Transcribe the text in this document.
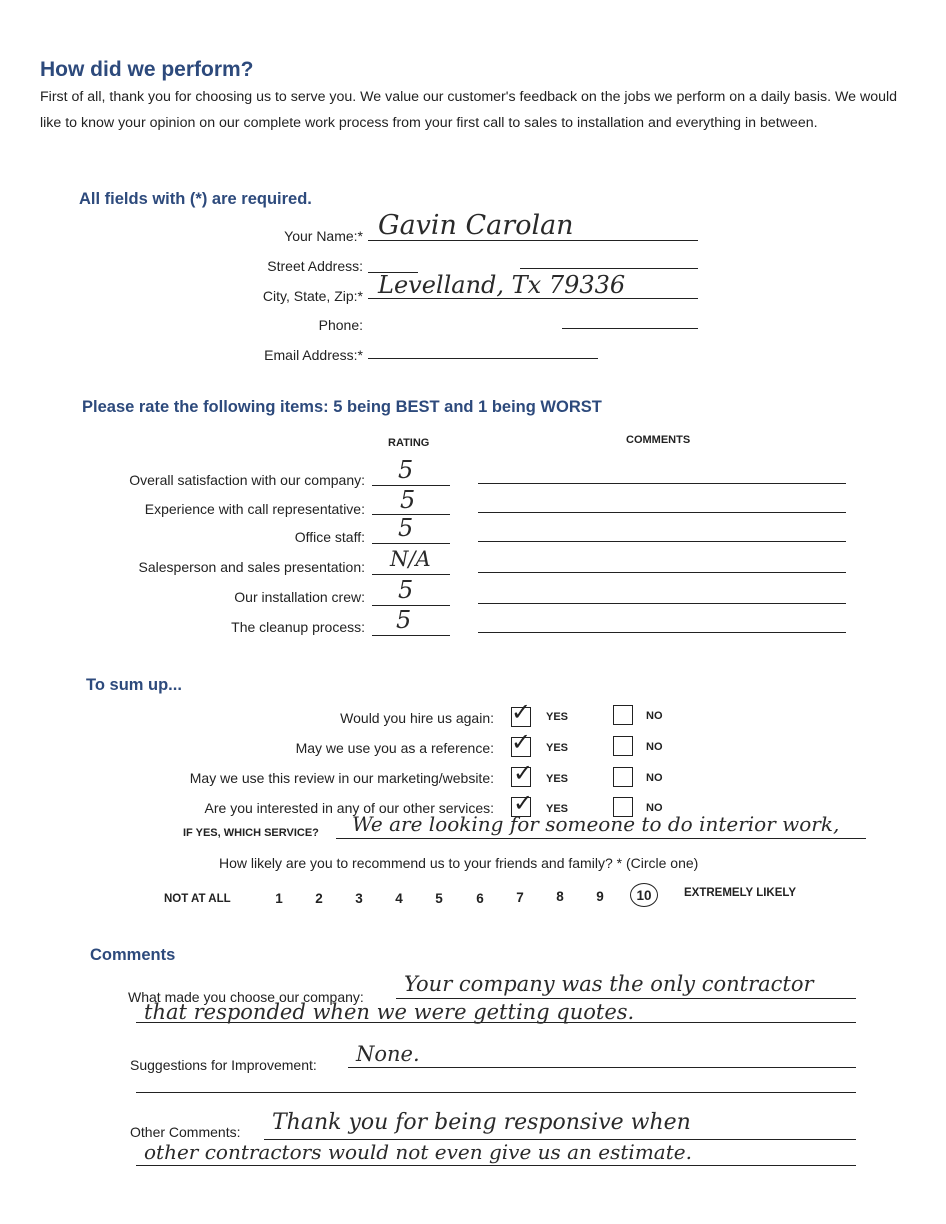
How did we perform?
First of all, thank you for choosing us to serve you. We value our customer's feedback on the jobs we perform on a daily basis. We would like to know your opinion on our complete work process from your first call to sales to installation and everything in between.
All fields with (*) are required.
Your Name:* Gavin Carolan
Street Address:
City, State, Zip:* Levelland, Tx 79336
Phone:
Email Address:*
Please rate the following items: 5 being BEST and 1 being WORST
RATING	COMMENTS
Overall satisfaction with our company: 5
Experience with call representative: 5
Office staff: 5
Salesperson and sales presentation: N/A
Our installation crew: 5
The cleanup process: 5
To sum up...
Would you hire us again: ✓ YES	NO
May we use you as a reference: ✓ YES	NO
May we use this review in our marketing/website: ✓ YES	NO
Are you interested in any of our other services: ✓ YES	NO
IF YES, WHICH SERVICE? We are looking for someone to do interior work,
How likely are you to recommend us to your friends and family? * (Circle one)
NOT AT ALL	1	2	3	4	5	6	7	8	9	10	EXTREMELY LIKELY
Comments
What made you choose our company:
Your company was the only contractor
that responded when we were getting quotes.
Suggestions for Improvement: None.
Other Comments: Thank you for being responsive when
other contractors would not even give us an estimate.
